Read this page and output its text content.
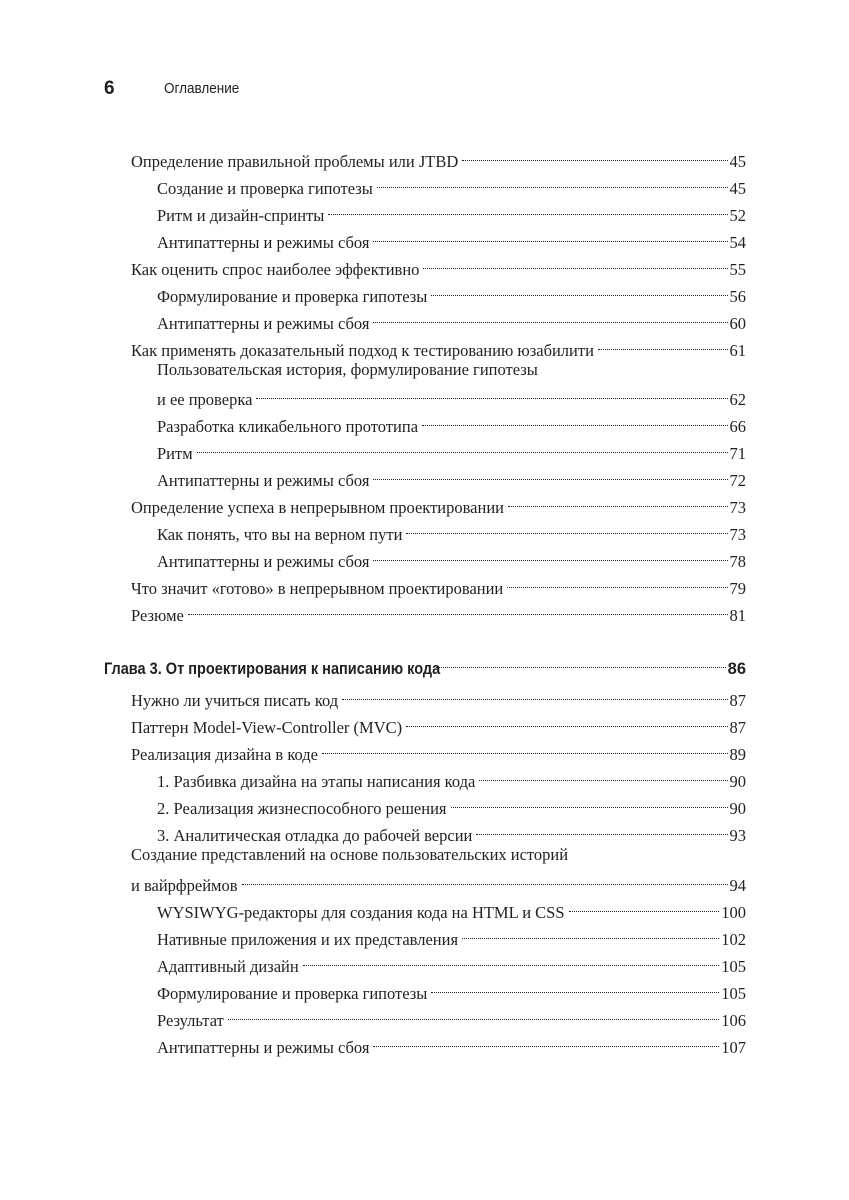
6	Оглавление
Определение правильной проблемы или JTBD	45
Создание и проверка гипотезы	45
Ритм и дизайн-спринты	52
Антипаттерны и режимы сбоя	54
Как оценить спрос наиболее эффективно	55
Формулирование и проверка гипотезы	56
Антипаттерны и режимы сбоя	60
Как применять доказательный подход к тестированию юзабилити	61
Пользовательская история, формулирование гипотезы
и ее проверка	62
Разработка кликабельного прототипа	66
Ритм	71
Антипаттерны и режимы сбоя	72
Определение успеха в непрерывном проектировании	73
Как понять, что вы на верном пути	73
Антипаттерны и режимы сбоя	78
Что значит «готово» в непрерывном проектировании	79
Резюме	81
Глава 3. От проектирования к написанию кода	86
Нужно ли учиться писать код	87
Паттерн Model-View-Controller (MVC)	87
Реализация дизайна в коде	89
1. Разбивка дизайна на этапы написания кода	90
2. Реализация жизнеспособного решения	90
3. Аналитическая отладка до рабочей версии	93
Создание представлений на основе пользовательских историй
и вайрфреймов	94
WYSIWYG-редакторы для создания кода на HTML и CSS	100
Нативные приложения и их представления	102
Адаптивный дизайн	105
Формулирование и проверка гипотезы	105
Результат	106
Антипаттерны и режимы сбоя	107
